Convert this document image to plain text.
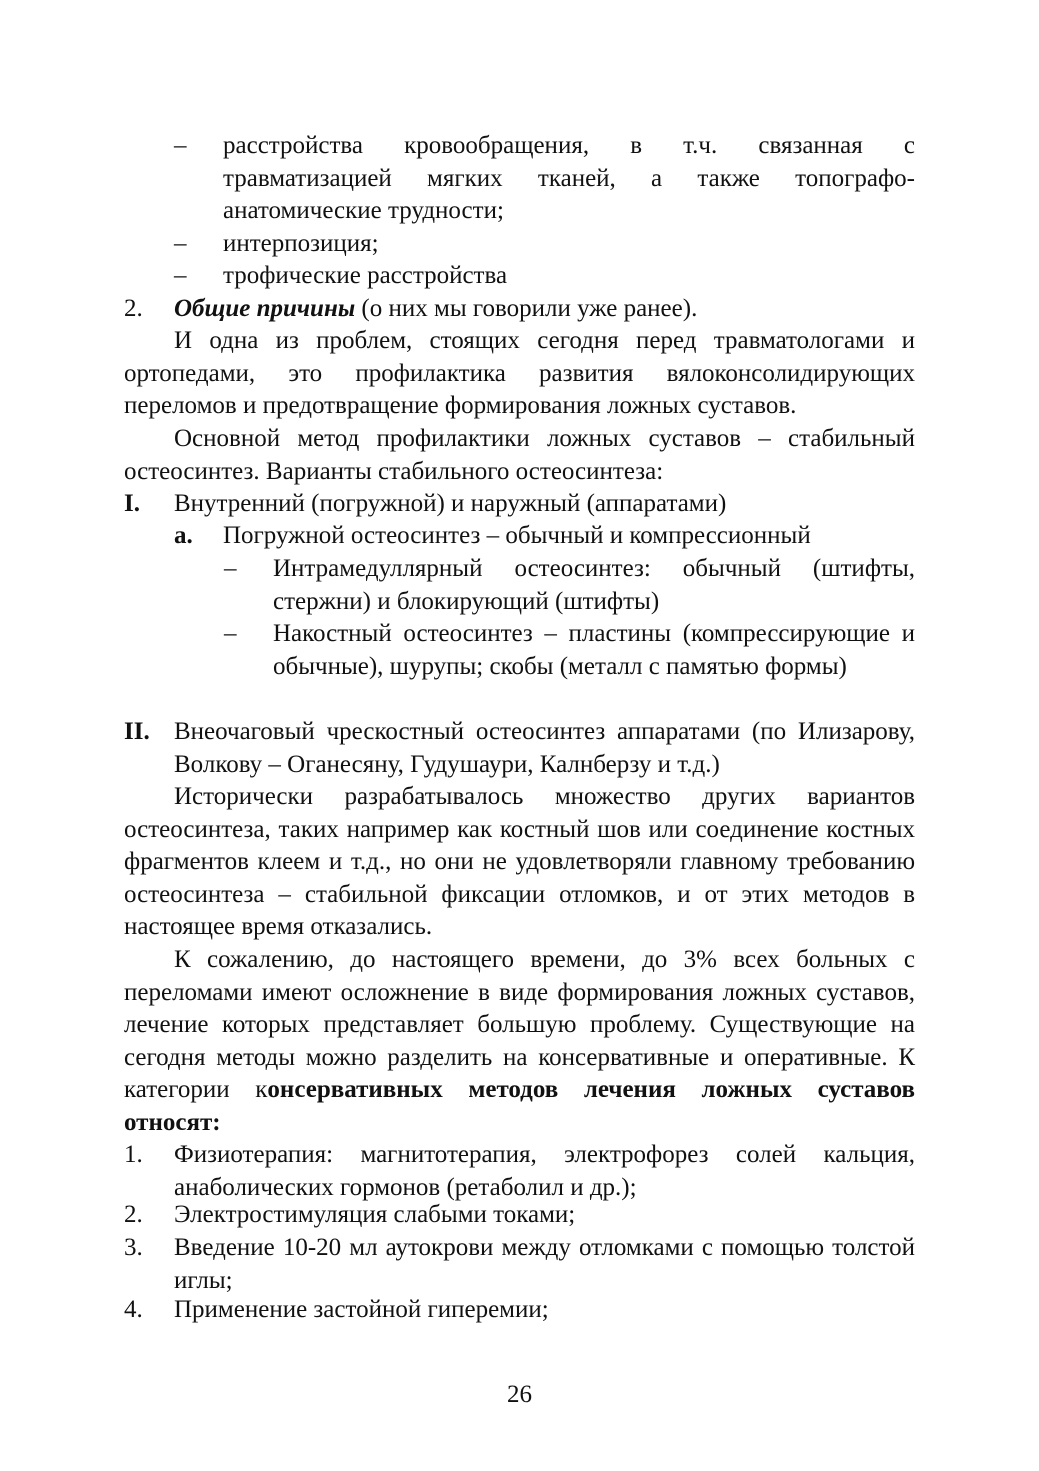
– расстройства кровообращения, в т.ч. связанная с травматизацией мягких тканей, а также топографо-анатомические трудности;
– интерпозиция;
– трофические расстройства
2. Общие причины (о них мы говорили уже ранее).

И одна из проблем, стоящих сегодня перед травматологами и ортопедами, это профилактика развития вялоконсолидирующих переломов и предотвращение формирования ложных суставов.

Основной метод профилактики ложных суставов – стабильный остеосинтез. Варианты стабильного остеосинтеза:

I. Внутренний (погружной) и наружный (аппаратами)
а. Погружной остеосинтез – обычный и компрессионный
– Интрамедуллярный остеосинтез: обычный (штифты, стержни) и блокирующий (штифты)
– Накостный остеосинтез – пластины (компрессирующие и обычные), шурупы; скобы (металл с памятью формы)
II. Внеочаговый чрескостный остеосинтез аппаратами (по Илизарову, Волкову – Оганесяну, Гудушаури, Калнберзу и т.д.)

Исторически разрабатывалось множество других вариантов остеосинтеза, таких например как костный шов или соединение костных фрагментов клеем и т.д., но они не удовлетворяли главному требованию остеосинтеза – стабильной фиксации отломков, и от этих методов в настоящее время отказались.

К сожалению, до настоящего времени, до 3% всех больных с переломами имеют осложнение в виде формирования ложных суставов, лечение которых представляет большую проблему. Существующие на сегодня методы можно разделить на консервативные и оперативные. К категории консервативных методов лечения ложных суставов относят:

1. Физиотерапия: магнитотерапия, электрофорез солей кальция, анаболических гормонов (ретаболил и др.);
2. Электростимуляция слабыми токами;
3. Введение 10-20 мл аутокрови между отломками с помощью толстой иглы;
4. Применение застойной гиперемии;
26
